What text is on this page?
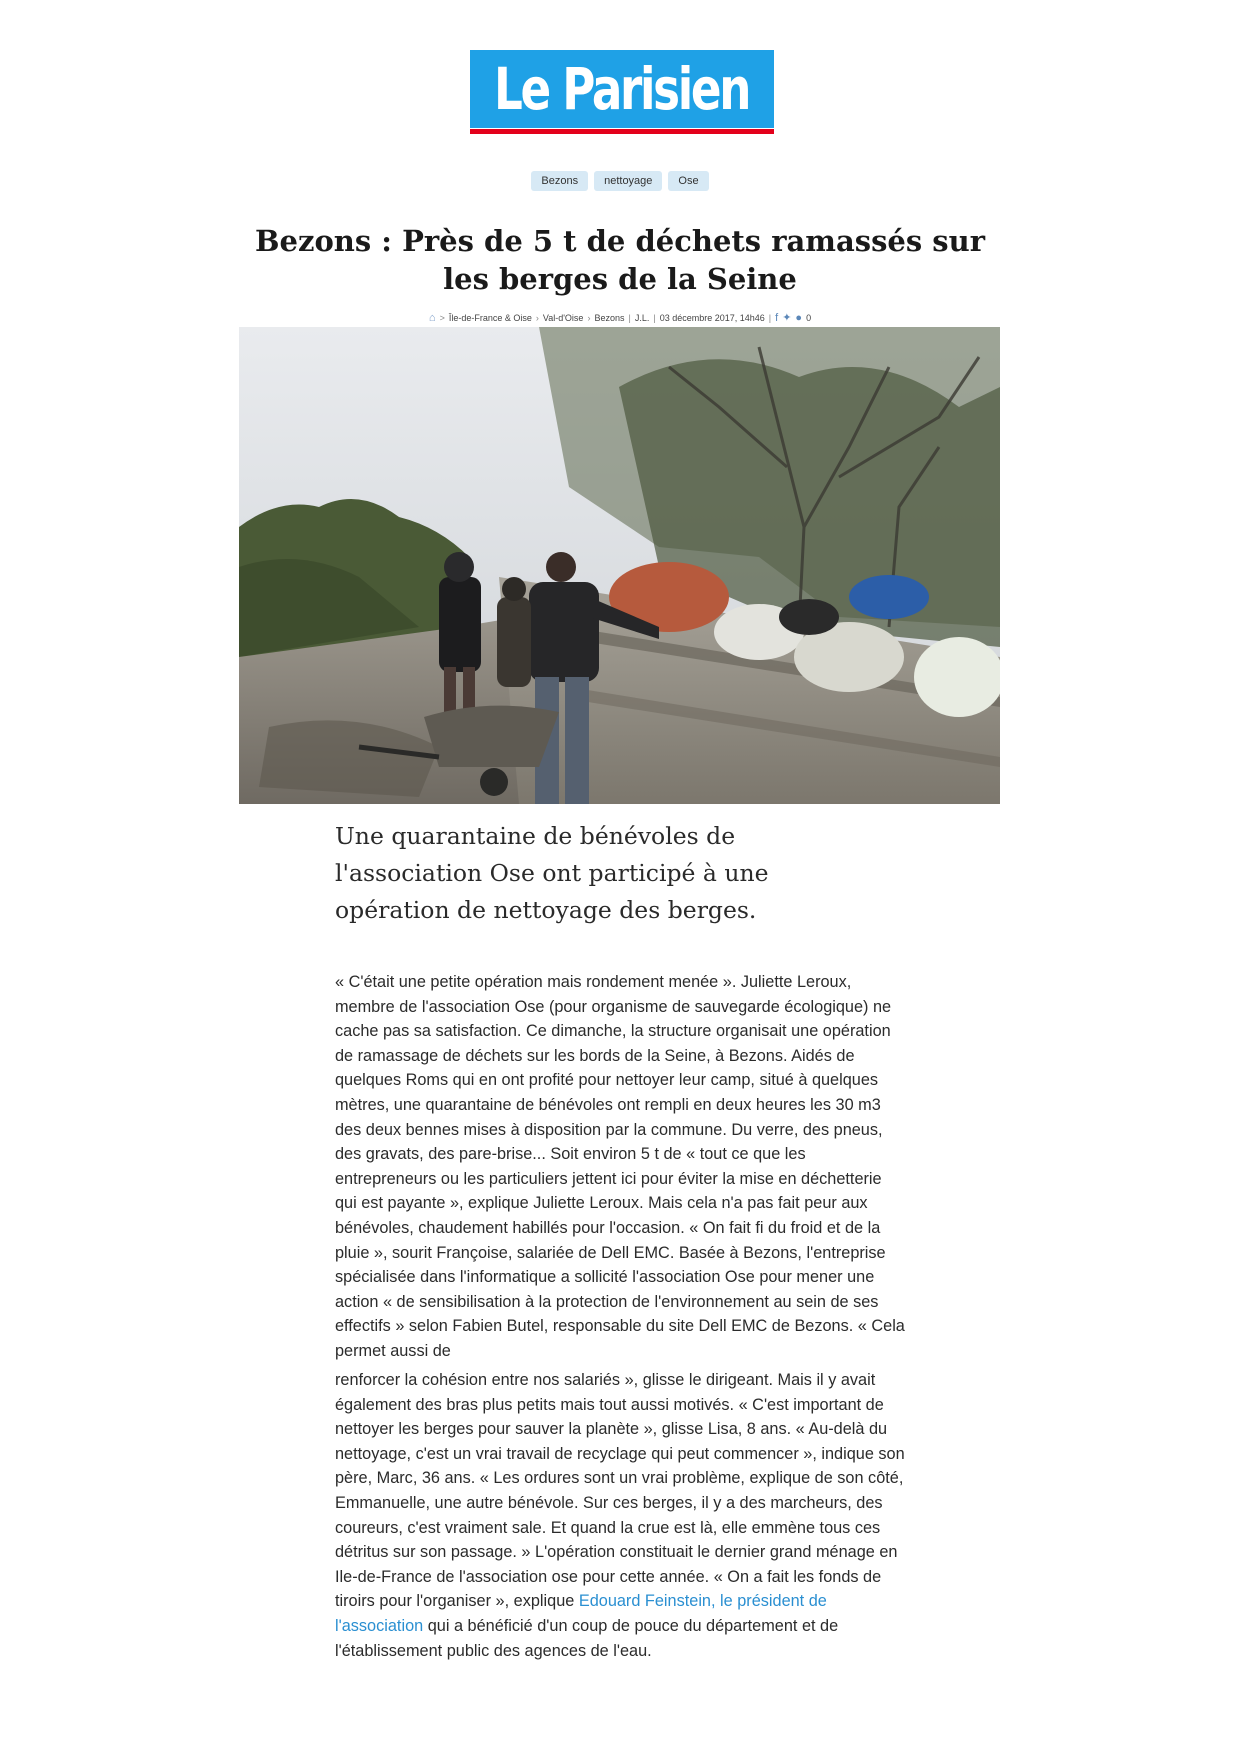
Le Parisien
Bezons	nettoyage	Ose
Bezons : Près de 5 t de déchets ramassés sur les berges de la Seine
⌂ > Île-de-France & Oise › Val-d'Oise › Bezons | J.L. | 03 décembre 2017, 14h46 | f ✦ ● 0

Une quarantaine de bénévoles de l'association Ose ont participé à une opération de nettoyage des berges.

« C'était une petite opération mais rondement menée ». Juliette Leroux, membre de l'association Ose (pour organisme de sauvegarde écologique) ne cache pas sa satisfaction. Ce dimanche, la structure organisait une opération de ramassage de déchets sur les bords de la Seine, à Bezons. Aidés de quelques Roms qui en ont profité pour nettoyer leur camp, situé à quelques mètres, une quarantaine de bénévoles ont rempli en deux heures les 30 m3 des deux bennes mises à disposition par la commune. Du verre, des pneus, des gravats, des pare-brise... Soit environ 5 t de « tout ce que les entrepreneurs ou les particuliers jettent ici pour éviter la mise en déchetterie qui est payante », explique Juliette Leroux. Mais cela n'a pas fait peur aux bénévoles, chaudement habillés pour l'occasion. « On fait fi du froid et de la pluie », sourit Françoise, salariée de Dell EMC. Basée à Bezons, l'entreprise spécialisée dans l'informatique a sollicité l'association Ose pour mener une action « de sensibilisation à la protection de l'environnement au sein de ses effectifs » selon Fabien Butel, responsable du site Dell EMC de Bezons. « Cela permet aussi de

renforcer la cohésion entre nos salariés », glisse le dirigeant. Mais il y avait également des bras plus petits mais tout aussi motivés. « C'est important de nettoyer les berges pour sauver la planète », glisse Lisa, 8 ans. « Au-delà du nettoyage, c'est un vrai travail de recyclage qui peut commencer », indique son père, Marc, 36 ans. « Les ordures sont un vrai problème, explique de son côté, Emmanuelle, une autre bénévole. Sur ces berges, il y a des marcheurs, des coureurs, c'est vraiment sale. Et quand la crue est là, elle emmène tous ces détritus sur son passage. » L'opération constituait le dernier grand ménage en Ile-de-France de l'association ose pour cette année. « On a fait les fonds de tiroirs pour l'organiser », explique Edouard Feinstein, le président de l'association qui a bénéficié d'un coup de pouce du département et de l'établissement public des agences de l'eau.
